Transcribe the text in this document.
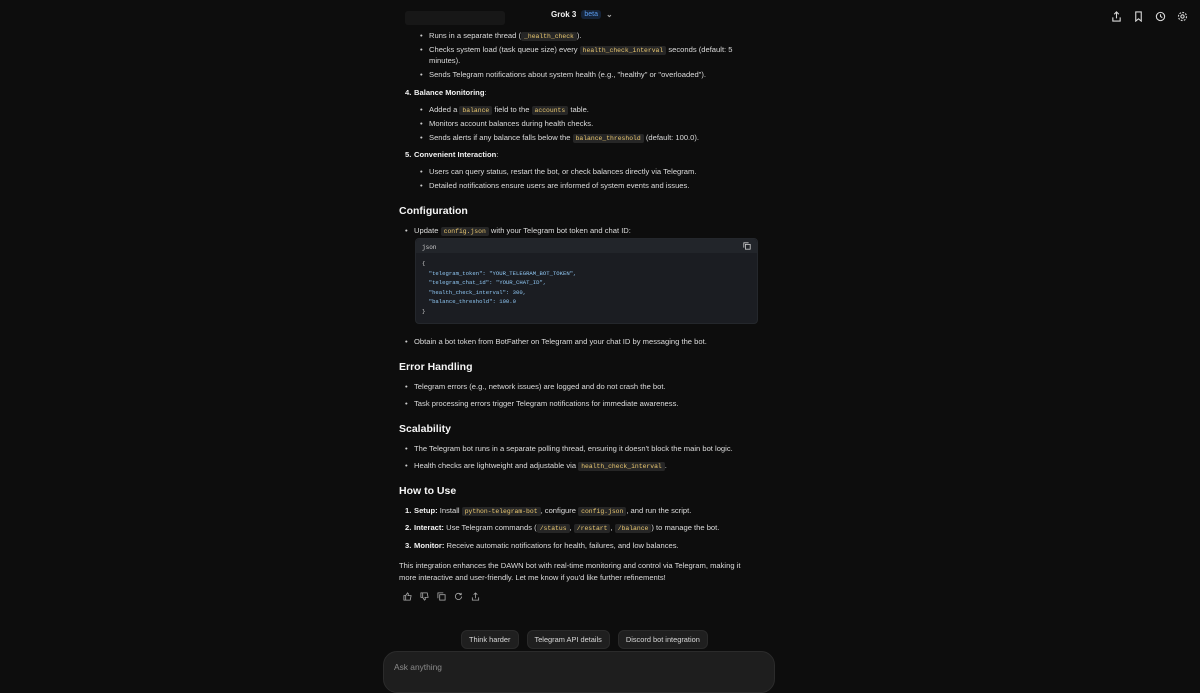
Grok 3	beta	⌄
• Runs in a separate thread ( _health_check ).
• Checks system load (task queue size) every health_check_interval seconds (default: 5
minutes).
• Sends Telegram notifications about system health (e.g., "healthy" or "overloaded").
4. Balance Monitoring:
• Added a balance field to the accounts table.
• Monitors account balances during health checks.
• Sends alerts if any balance falls below the balance_threshold (default: 100.0).
5. Convenient Interaction:
• Users can query status, restart the bot, or check balances directly via Telegram.
• Detailed notifications ensure users are informed of system events and issues.
Configuration
• Update config.json with your Telegram bot token and chat ID:
json
{
"telegram_token": "YOUR_TELEGRAM_BOT_TOKEN",
"telegram_chat_id": "YOUR_CHAT_ID",
"health_check_interval": 300,
"balance_threshold": 100.0
}
• Obtain a bot token from BotFather on Telegram and your chat ID by messaging the bot.
Error Handling
• Telegram errors (e.g., network issues) are logged and do not crash the bot.
• Task processing errors trigger Telegram notifications for immediate awareness.
Scalability
• The Telegram bot runs in a separate polling thread, ensuring it doesn't block the main bot logic.
• Health checks are lightweight and adjustable via health_check_interval .
How to Use
1. Setup: Install python-telegram-bot , configure config.json , and run the script.
2. Interact: Use Telegram commands ( /status , /restart , /balance ) to manage the bot.
3. Monitor: Receive automatic notifications for health, failures, and low balances.
This integration enhances the DAWN bot with real-time monitoring and control via Telegram, making it
more interactive and user-friendly. Let me know if you'd like further refinements!
Think harder	Telegram API details	Discord bot integration
Ask anything
